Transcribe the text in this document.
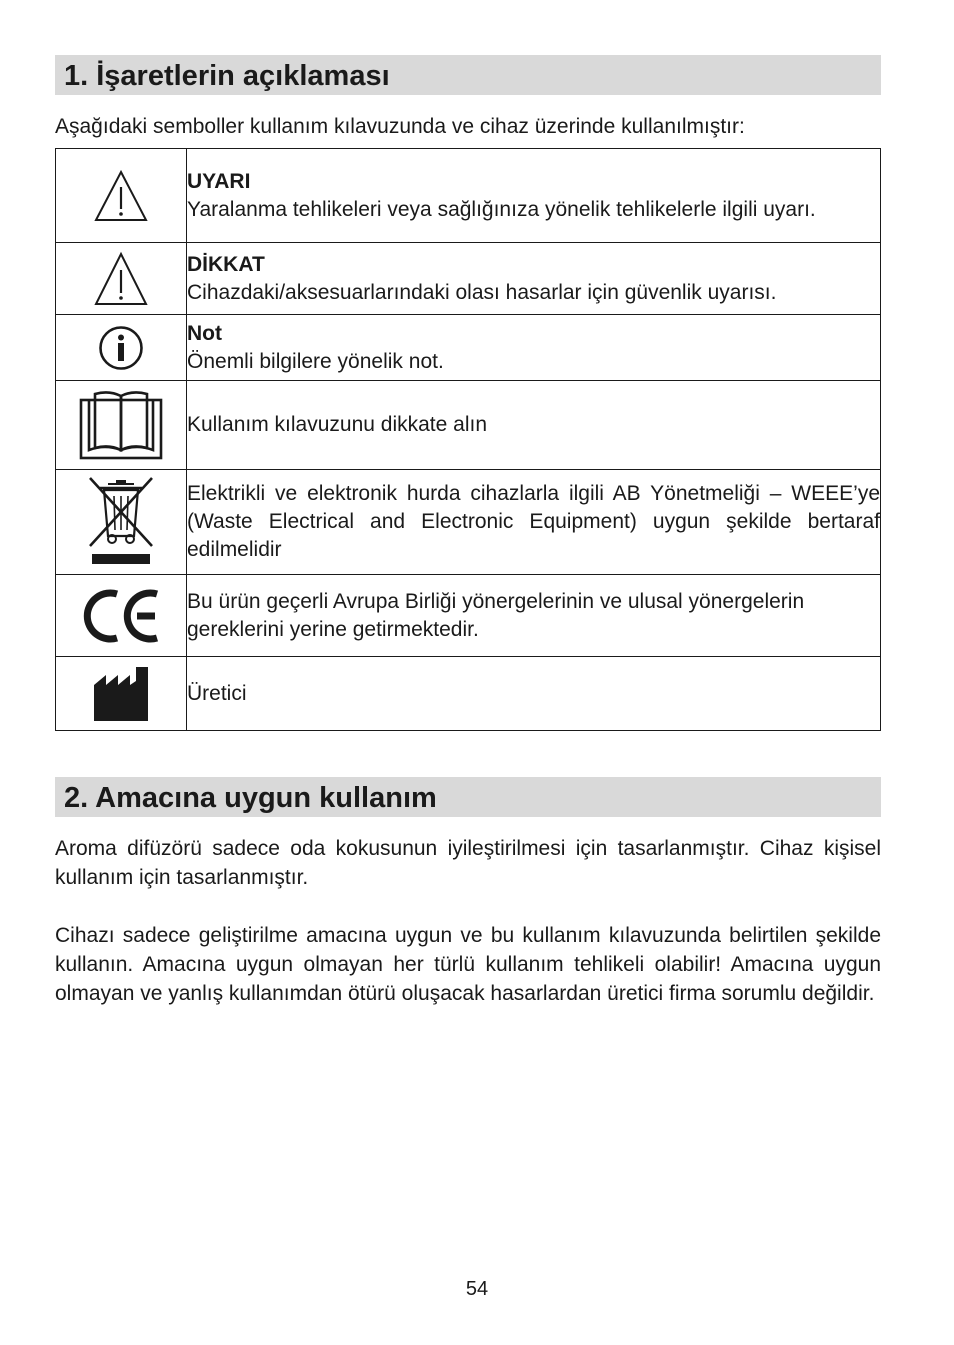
1. İşaretlerin açıklaması
Aşağıdaki semboller kullanım kılavuzunda ve cihaz üzerinde kullanılmıştır:

UYARI
Yaralanma tehlikeleri veya sağlığınıza yönelik tehlikelerle ilgili uyarı.

DİKKAT
Cihazdaki/aksesuarlarındaki olası hasarlar için güvenlik uyarısı.

Not
Önemli bilgilere yönelik not.

Kullanım kılavuzunu dikkate alın

Elektrikli ve elektronik hurda cihazlarla ilgili AB Yönetmeliği – WEEE’ye (Waste Electrical and Electronic Equipment) uygun şekilde bertaraf edilmelidir

Bu ürün geçerli Avrupa Birliği yönergelerinin ve ulusal yönergelerin gereklerini yerine getirmektedir.

Üretici
2. Amacına uygun kullanım
Aroma difüzörü sadece oda kokusunun iyileştirilmesi için tasarlanmıştır. Cihaz kişisel kullanım için tasarlanmıştır.
Cihazı sadece geliştirilme amacına uygun ve bu kullanım kılavuzunda belirtilen şekilde kullanın. Amacına uygun olmayan her türlü kullanım tehlikeli olabilir! Amacına uygun olmayan ve yanlış kullanımdan ötürü oluşacak hasarlardan üretici firma sorumlu değildir.
54
